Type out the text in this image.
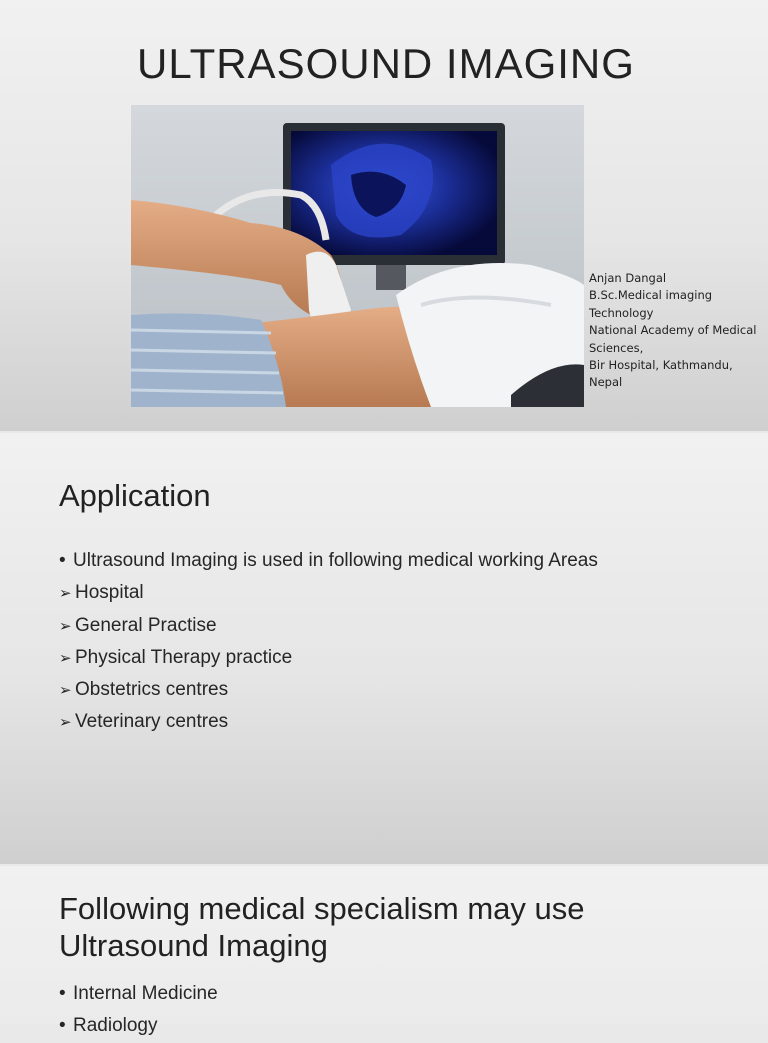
ULTRASOUND IMAGING
Anjan Dangal
B.Sc.Medical imaging Technology
National Academy of Medical Sciences,
Bir Hospital, Kathmandu, Nepal
Application
• Ultrasound Imaging is used in following medical working Areas
➢ Hospital
➢ General Practise
➢ Physical Therapy practice
➢ Obstetrics centres
➢ Veterinary centres
Following medical specialism may use
Ultrasound Imaging
• Internal Medicine
• Radiology
